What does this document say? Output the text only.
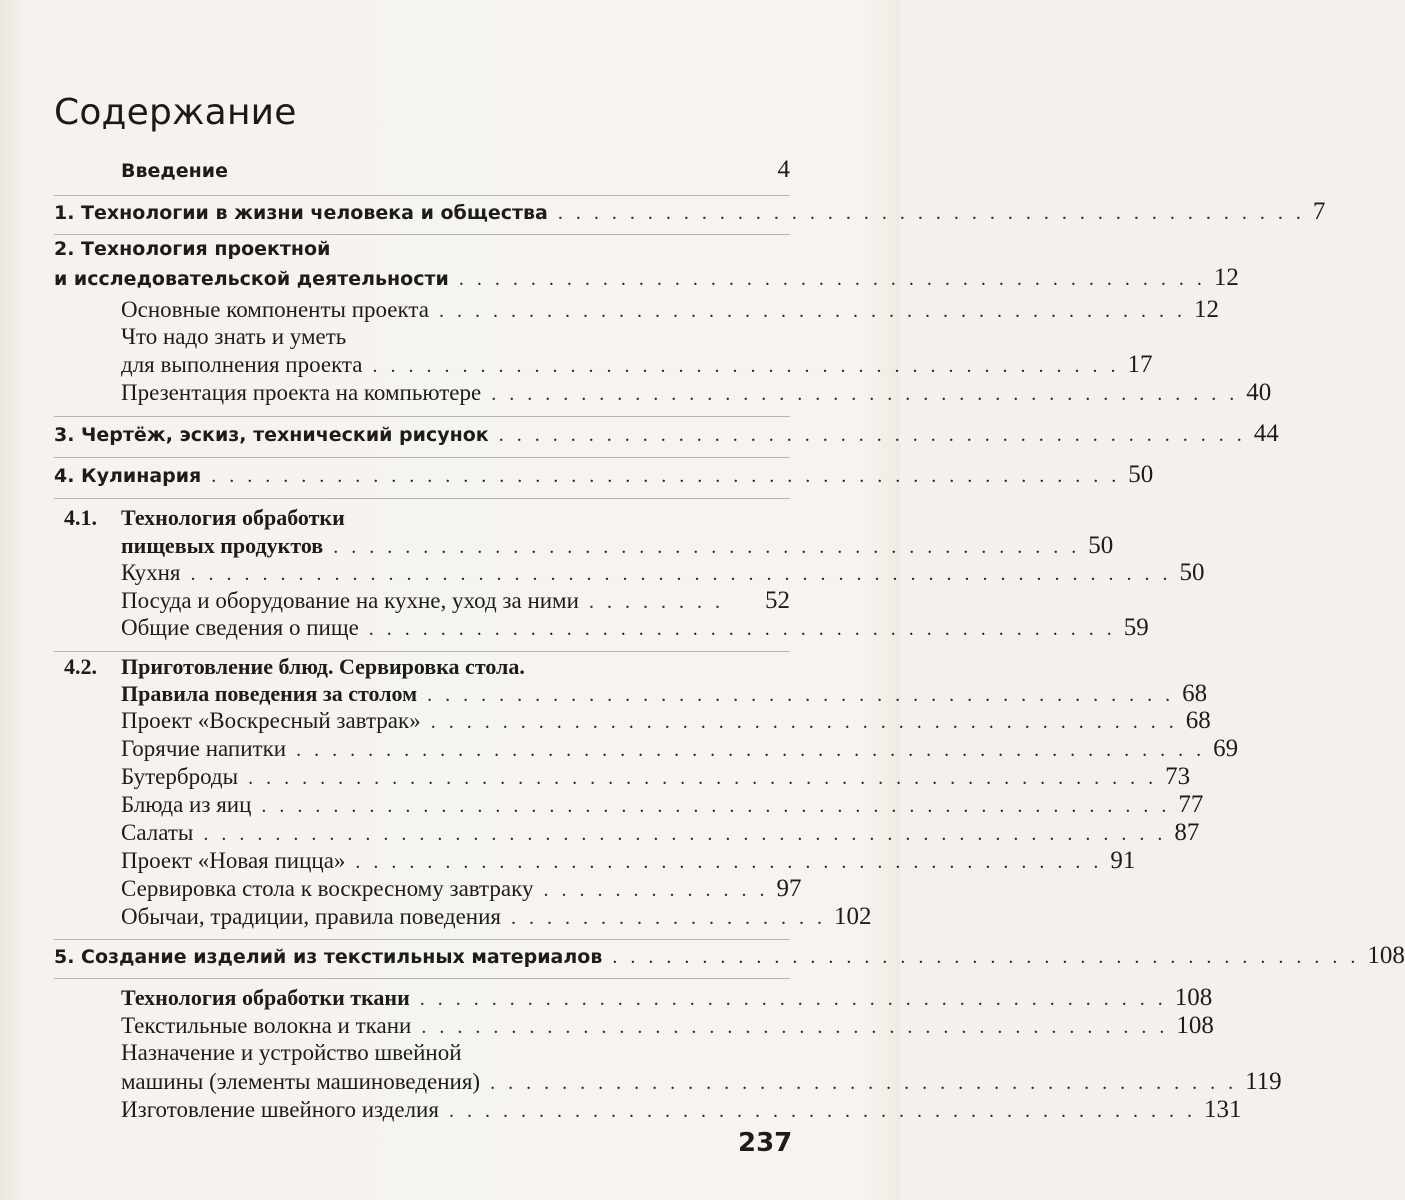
Содержание
Введение	4
1. Технологии в жизни человека и общества . . . . . . . . . . . . . . . . . . . . . . . . . . . . . . . . . . . . . . . . . . 7
2. Технология проектной
и исследовательской деятельности . . . . . . . . . . . . . . . . . . . . . . . . . . . . . . . . . . . . . . . . . . 12
Основные компоненты проекта . . . . . . . . . . . . . . . . . . . . . . . . . . . . . . . . . . . . . . . . . . 12
Что надо знать и уметь
для выполнения проекта . . . . . . . . . . . . . . . . . . . . . . . . . . . . . . . . . . . . . . . . . . 17
Презентация проекта на компьютере . . . . . . . . . . . . . . . . . . . . . . . . . . . . . . . . . . . . . . . . . . 40
3. Чертёж, эскиз, технический рисунок . . . . . . . . . . . . . . . . . . . . . . . . . . . . . . . . . . . . . . . . . . 44
4. Кулинария . . . . . . . . . . . . . . . . . . . . . . . . . . . . . . . . . . . . . . . . . . . . . . . . . . . 50
4.1. Технология обработки
пищевых продуктов . . . . . . . . . . . . . . . . . . . . . . . . . . . . . . . . . . . . . . . . . . 50
Кухня . . . . . . . . . . . . . . . . . . . . . . . . . . . . . . . . . . . . . . . . . . . . . . . . . . . . . . . 50
Посуда и оборудование на кухне, уход за ними . . . . . . . .	52
Общие сведения о пище . . . . . . . . . . . . . . . . . . . . . . . . . . . . . . . . . . . . . . . . . . 59
4.2. Приготовление блюд. Сервировка стола.
Правила поведения за столом . . . . . . . . . . . . . . . . . . . . . . . . . . . . . . . . . . . . . . . . . . 68
Проект «Воскресный завтрак» . . . . . . . . . . . . . . . . . . . . . . . . . . . . . . . . . . . . . . . . . . 68
Горячие напитки . . . . . . . . . . . . . . . . . . . . . . . . . . . . . . . . . . . . . . . . . . . . . . . . . . . 69
Бутерброды . . . . . . . . . . . . . . . . . . . . . . . . . . . . . . . . . . . . . . . . . . . . . . . . . . . 73
Блюда из яиц . . . . . . . . . . . . . . . . . . . . . . . . . . . . . . . . . . . . . . . . . . . . . . . . . . . 77
Салаты . . . . . . . . . . . . . . . . . . . . . . . . . . . . . . . . . . . . . . . . . . . . . . . . . . . . . . 87
Проект «Новая пицца» . . . . . . . . . . . . . . . . . . . . . . . . . . . . . . . . . . . . . . . . . . 91
Сервировка стола к воскресному завтраку . . . . . . . . . . . . . 97
Обычаи, традиции, правила поведения . . . . . . . . . . . . . . . . . . 102
5. Создание изделий из текстильных материалов . . . . . . . . . . . . . . . . . . . . . . . . . . . . . . . . . . . . . . . . . . 108
Технология обработки ткани . . . . . . . . . . . . . . . . . . . . . . . . . . . . . . . . . . . . . . . . . . 108
Текстильные волокна и ткани . . . . . . . . . . . . . . . . . . . . . . . . . . . . . . . . . . . . . . . . . . 108
Назначение и устройство швейной
машины (элементы машиноведения) . . . . . . . . . . . . . . . . . . . . . . . . . . . . . . . . . . . . . . . . . . 119
Изготовление швейного изделия . . . . . . . . . . . . . . . . . . . . . . . . . . . . . . . . . . . . . . . . . . 131
237
